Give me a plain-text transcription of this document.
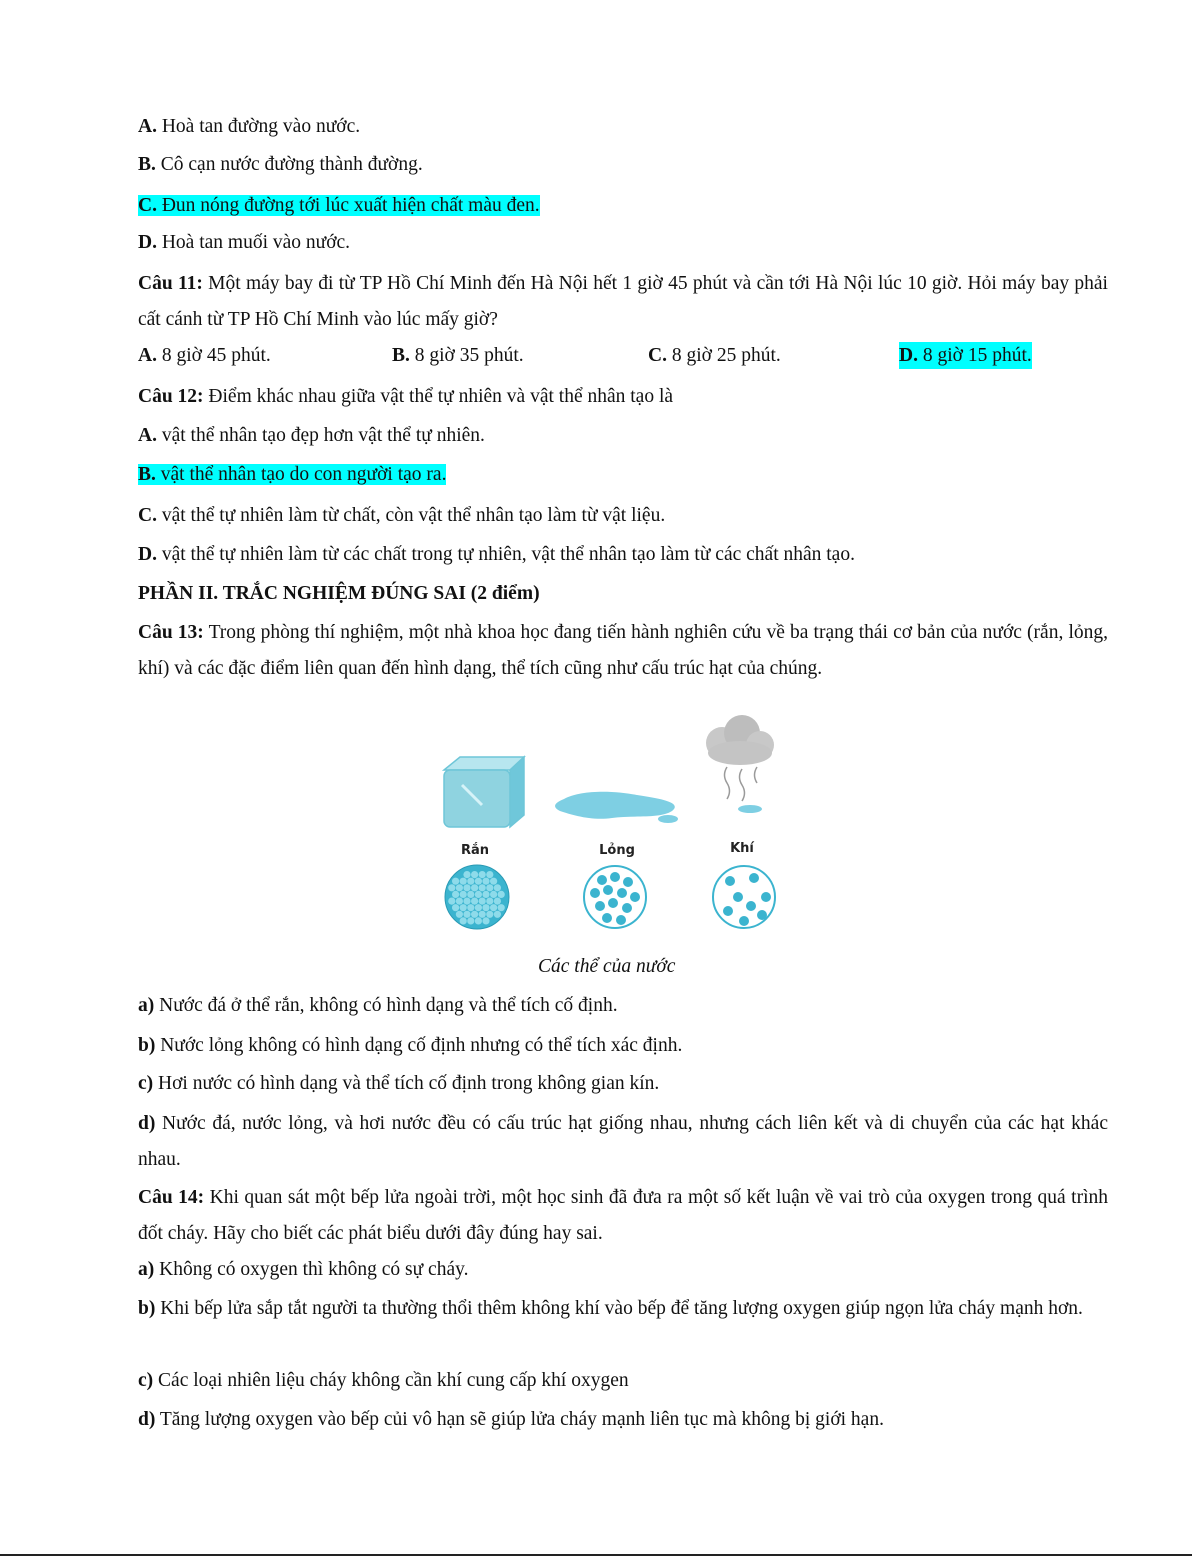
A. Hoà tan đường vào nước.
B. Cô cạn nước đường thành đường.
C. Đun nóng đường tới lúc xuất hiện chất màu đen.
D. Hoà tan muối vào nước.
Câu 11: Một máy bay đi từ TP Hồ Chí Minh đến Hà Nội hết 1 giờ 45 phút và cần tới Hà Nội lúc 10 giờ. Hỏi máy bay phải cất cánh từ TP Hồ Chí Minh vào lúc mấy giờ?
A. 8 giờ 45 phút.	B. 8 giờ 35 phút.	C. 8 giờ 25 phút.	D. 8 giờ 15 phút.
Câu 12: Điểm khác nhau giữa vật thể tự nhiên và vật thể nhân tạo là
A. vật thể nhân tạo đẹp hơn vật thể tự nhiên.
B. vật thể nhân tạo do con người tạo ra.
C. vật thể tự nhiên làm từ chất, còn vật thể nhân tạo làm từ vật liệu.
D. vật thể tự nhiên làm từ các chất trong tự nhiên, vật thể nhân tạo làm từ các chất nhân tạo.
PHẦN II. TRẮC NGHIỆM ĐÚNG SAI (2 điểm)
Câu 13: Trong phòng thí nghiệm, một nhà khoa học đang tiến hành nghiên cứu về ba trạng thái cơ bản của nước (rắn, lỏng, khí) và các đặc điểm liên quan đến hình dạng, thể tích cũng như cấu trúc hạt của chúng.
a) Nước đá ở thể rắn, không có hình dạng và thể tích cố định.
b) Nước lỏng không có hình dạng cố định nhưng có thể tích xác định.
c) Hơi nước có hình dạng và thể tích cố định trong không gian kín.
d) Nước đá, nước lỏng, và hơi nước đều có cấu trúc hạt giống nhau, nhưng cách liên kết và di chuyển của các hạt khác nhau.
Câu 14: Khi quan sát một bếp lửa ngoài trời, một học sinh đã đưa ra một số kết luận về vai trò của oxygen trong quá trình đốt cháy. Hãy cho biết các phát biểu dưới đây đúng hay sai.
a) Không có oxygen thì không có sự cháy.
b) Khi bếp lửa sắp tắt người ta thường thổi thêm không khí vào bếp để tăng lượng oxygen giúp ngọn lửa cháy mạnh hơn.
c) Các loại nhiên liệu cháy không cần khí cung cấp khí oxygen
d) Tăng lượng oxygen vào bếp củi vô hạn sẽ giúp lửa cháy mạnh liên tục mà không bị giới hạn.
Rắn	Lỏng	Khí
Các thể của nước
